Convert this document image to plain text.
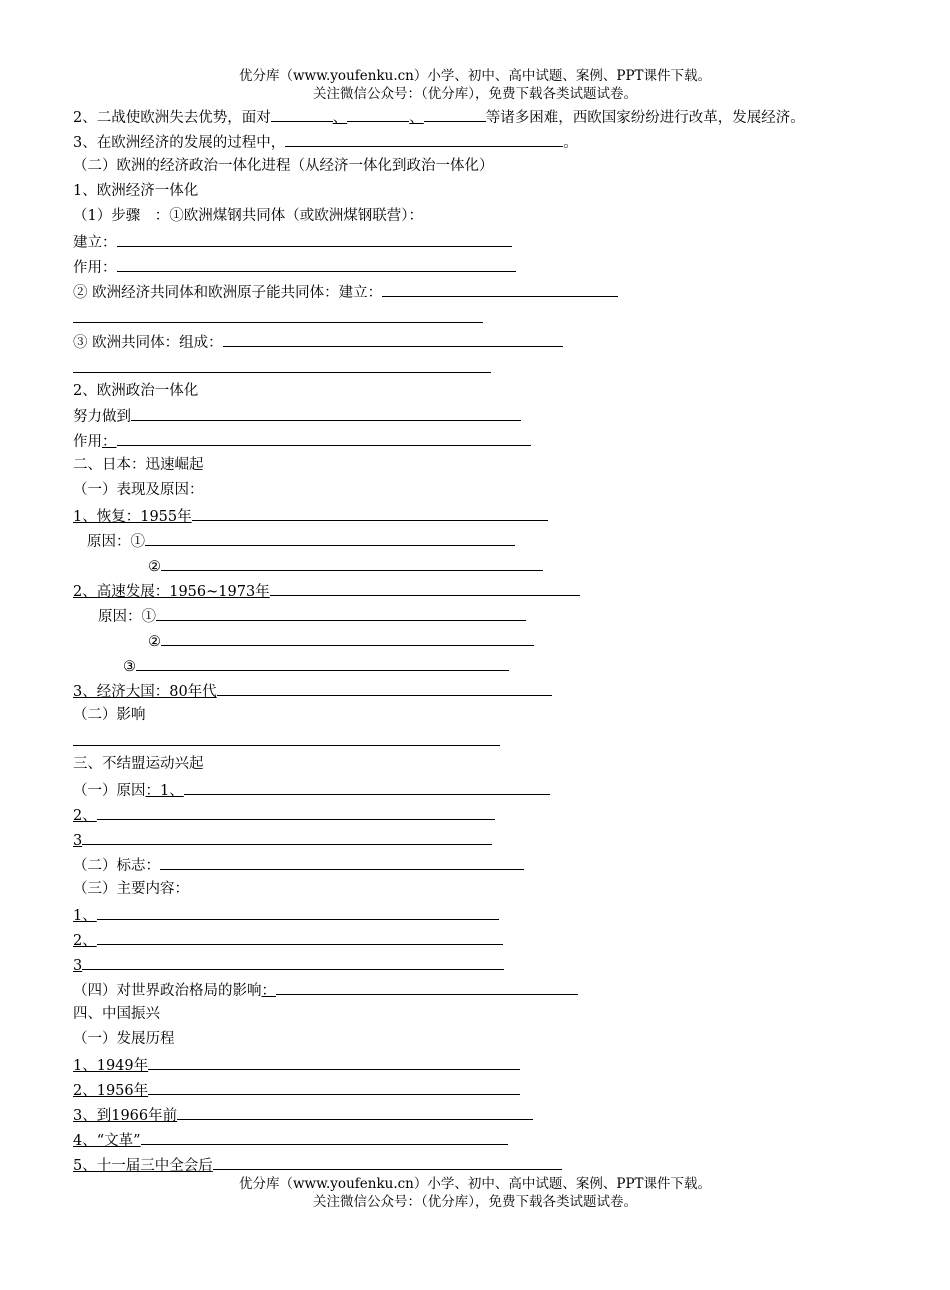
优分库（www.youfenku.cn）小学、初中、高中试题、案例、PPT课件下载。
关注微信公众号：（优分库），免费下载各类试题试卷。
2、二战使欧洲失去优势，面对	、	、	等诸多困难，西欧国家纷纷进行改革，发展经济。
3、在欧洲经济的发展的过程中，	。
（二）欧洲的经济政治一体化进程（从经济一体化到政治一体化）
1、欧洲经济一体化
（1）步骤　：①欧洲煤钢共同体（或欧洲煤钢联营）：
建立：
作用：
② 欧洲经济共同体和欧洲原子能共同体：建立：
③ 欧洲共同体：组成：
2、欧洲政治一体化
努力做到
作用：
二、日本：迅速崛起
（一）表现及原因：
1、恢复：1955年
原因：①
②
2、高速发展：1956~1973年
原因：①
②
③
3、经济大国：80年代
（二）影响
三、不结盟运动兴起
（一）原因：1、
2、
3
（二）标志：
（三）主要内容：
1、
2、
3
（四）对世界政治格局的影响：
四、中国振兴
（一）发展历程
1、1949年
2、1956年
3、到1966年前
4、“文革”
5、十一届三中全会后
优分库（www.youfenku.cn）小学、初中、高中试题、案例、PPT课件下载。
关注微信公众号：（优分库），免费下载各类试题试卷。
